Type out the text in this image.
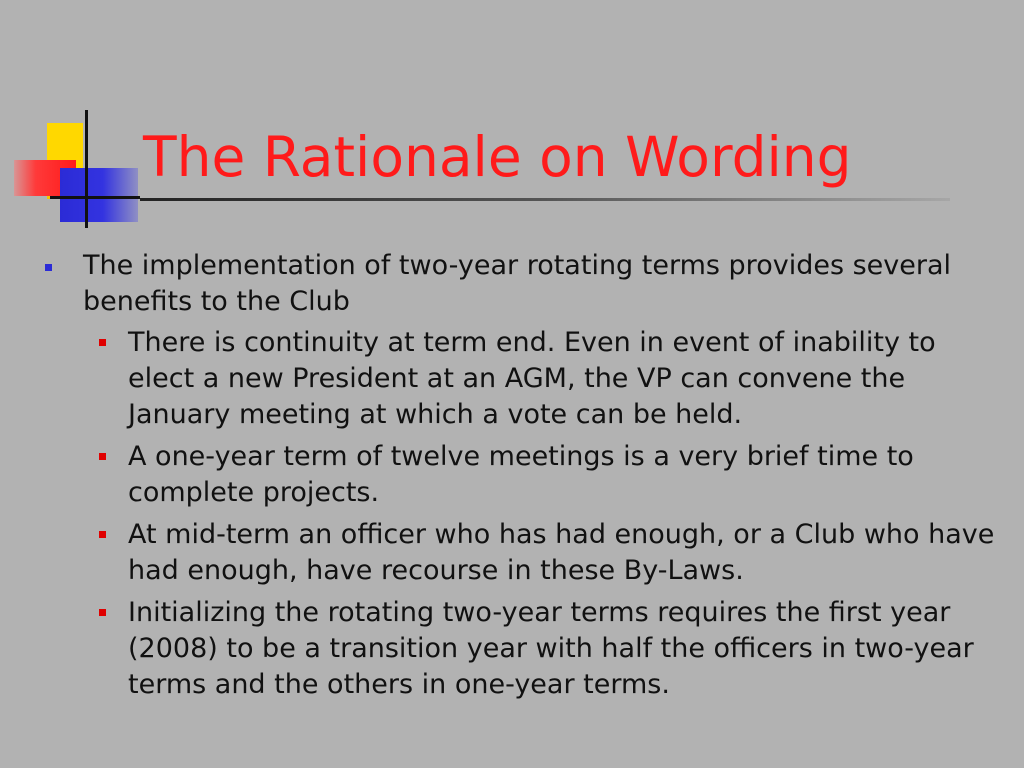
The Rationale on Wording
The implementation of two-year rotating terms provides several benefits to the Club
There is continuity at term end. Even in event of inability to elect a new President at an AGM, the VP can convene the January meeting at which a vote can be held.
A one-year term of twelve meetings is a very brief time to complete projects.
At mid-term an officer who has had enough, or a Club who have had enough, have recourse in these By-Laws.
Initializing the rotating two-year terms requires the first year (2008) to be a transition year with half the officers in two-year terms and the others in one-year terms.
